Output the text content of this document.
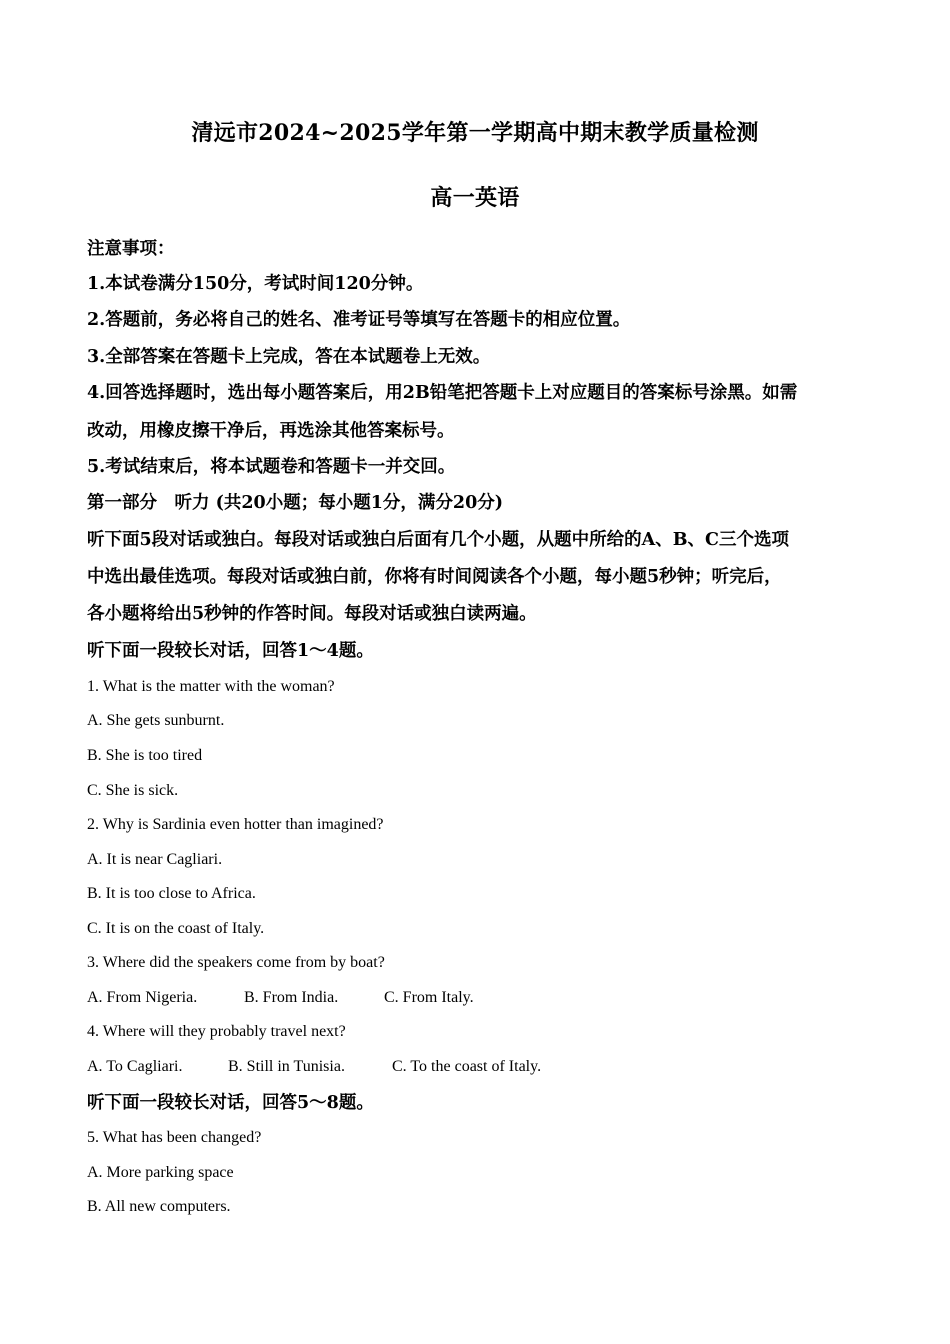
清远市2024~2025学年第一学期高中期末教学质量检测
高一英语
注意事项：
1.本试卷满分150分，考试时间120分钟。
2.答题前，务必将自己的姓名、准考证号等填写在答题卡的相应位置。
3.全部答案在答题卡上完成，答在本试题卷上无效。
4.回答选择题时，选出每小题答案后，用2B铅笔把答题卡上对应题目的答案标号涂黑。如需
改动，用橡皮擦干净后，再选涂其他答案标号。
5.考试结束后，将本试题卷和答题卡一并交回。
第一部分　听力 (共20小题；每小题1分，满分20分)
听下面5段对话或独白。每段对话或独白后面有几个小题，从题中所给的A、B、C三个选项
中选出最佳选项。每段对话或独白前，你将有时间阅读各个小题，每小题5秒钟；听完后，
各小题将给出5秒钟的作答时间。每段对话或独白读两遍。
听下面一段较长对话，回答1～4题。
1. What is the matter with the woman?
A. She gets sunburnt.
B. She is too tired
C. She is sick.
2. Why is Sardinia even hotter than imagined?
A. It is near Cagliari.
B. It is too close to Africa.
C. It is on the coast of Italy.
3. Where did the speakers come from by boat?
A. From Nigeria.	B. From India.	C. From Italy.
4. Where will they probably travel next?
A. To Cagliari.	B. Still in Tunisia.	C. To the coast of Italy.
听下面一段较长对话，回答5～8题。
5. What has been changed?
A. More parking space
B. All new computers.
